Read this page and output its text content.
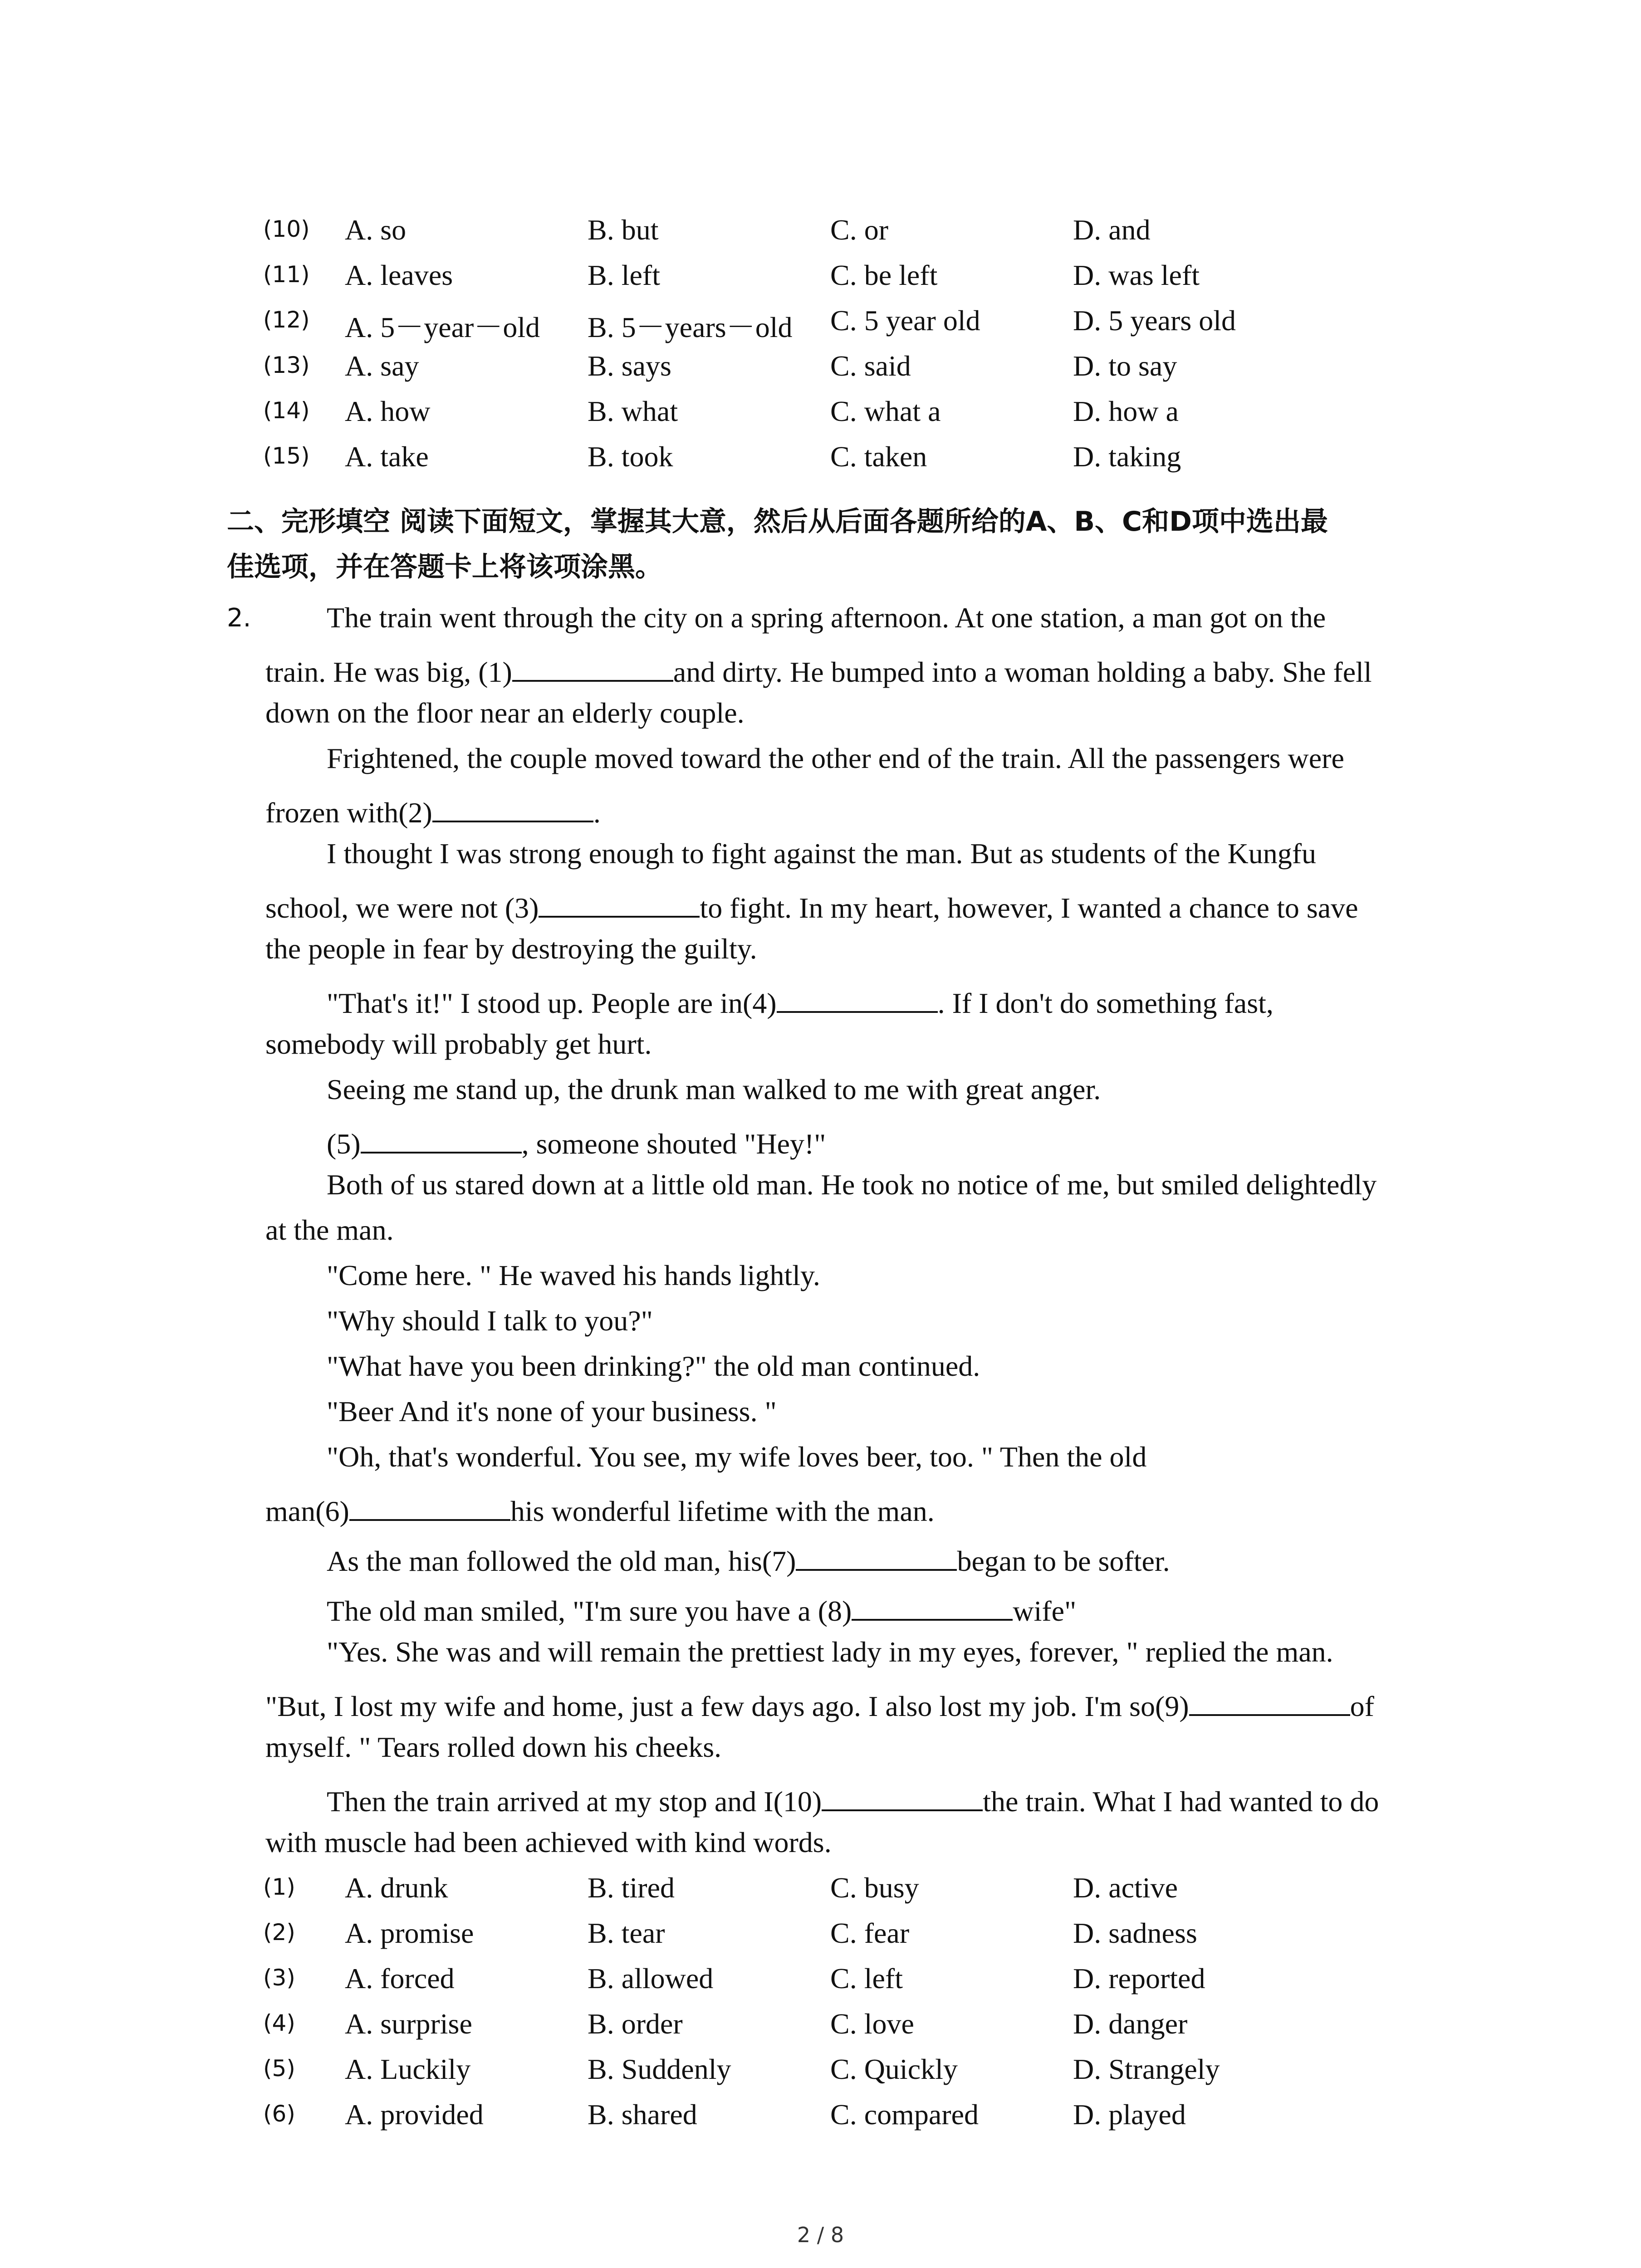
(10) A. so	B. but	C. or	D. and
(11) A. leaves	B. left	C. be left	D. was left
(12) A. 5－year－old B. 5－years－old C. 5 year old	D. 5 years old
(13) A. say	B. says	C. said	D. to say
(14) A. how	B. what	C. what a	D. how a
(15) A. take	B. took	C. taken	D. taking
二、完形填空 阅读下面短文，掌握其大意，然后从后面各题所给的A、B、C和D项中选出最
佳选项，并在答题卡上将该项涂黑。
2.	The train went through the city on a spring afternoon. At one station, a man got on the
train. He was big, (1)	and dirty. He bumped into a woman holding a baby. She fell
down on the floor near an elderly couple.
Frightened, the couple moved toward the other end of the train. All the passengers were
frozen with(2)	.
I thought I was strong enough to fight against the man. But as students of the Kungfu
school, we were not (3)	to fight. In my heart, however, I wanted a chance to save
the people in fear by destroying the guilty.
"That's it!" I stood up. People are in(4)	. If I don't do something fast,
somebody will probably get hurt.
Seeing me stand up, the drunk man walked to me with great anger.
(5)	, someone shouted "Hey!"
Both of us stared down at a little old man. He took no notice of me, but smiled delightedly
at the man.
"Come here. " He waved his hands lightly.
"Why should I talk to you?"
"What have you been drinking?" the old man continued.
"Beer And it's none of your business. "
"Oh, that's wonderful. You see, my wife loves beer, too. " Then the old
man(6)	his wonderful lifetime with the man.
As the man followed the old man, his(7)	began to be softer.
The old man smiled, "I'm sure you have a (8)	wife"
"Yes. She was and will remain the prettiest lady in my eyes, forever, " replied the man.
"But, I lost my wife and home, just a few days ago. I also lost my job. I'm so(9)	of
myself. " Tears rolled down his cheeks.
Then the train arrived at my stop and I(10)	the train. What I had wanted to do
with muscle had been achieved with kind words.
(1) A. drunk	B. tired	C. busy	D. active
(2) A. promise	B. tear	C. fear	D. sadness
(3) A. forced	B. allowed	C. left	D. reported
(4) A. surprise	B. order	C. love	D. danger
(5) A. Luckily	B. Suddenly	C. Quickly	D. Strangely
(6) A. provided	B. shared	C. compared	D. played
2 / 8
